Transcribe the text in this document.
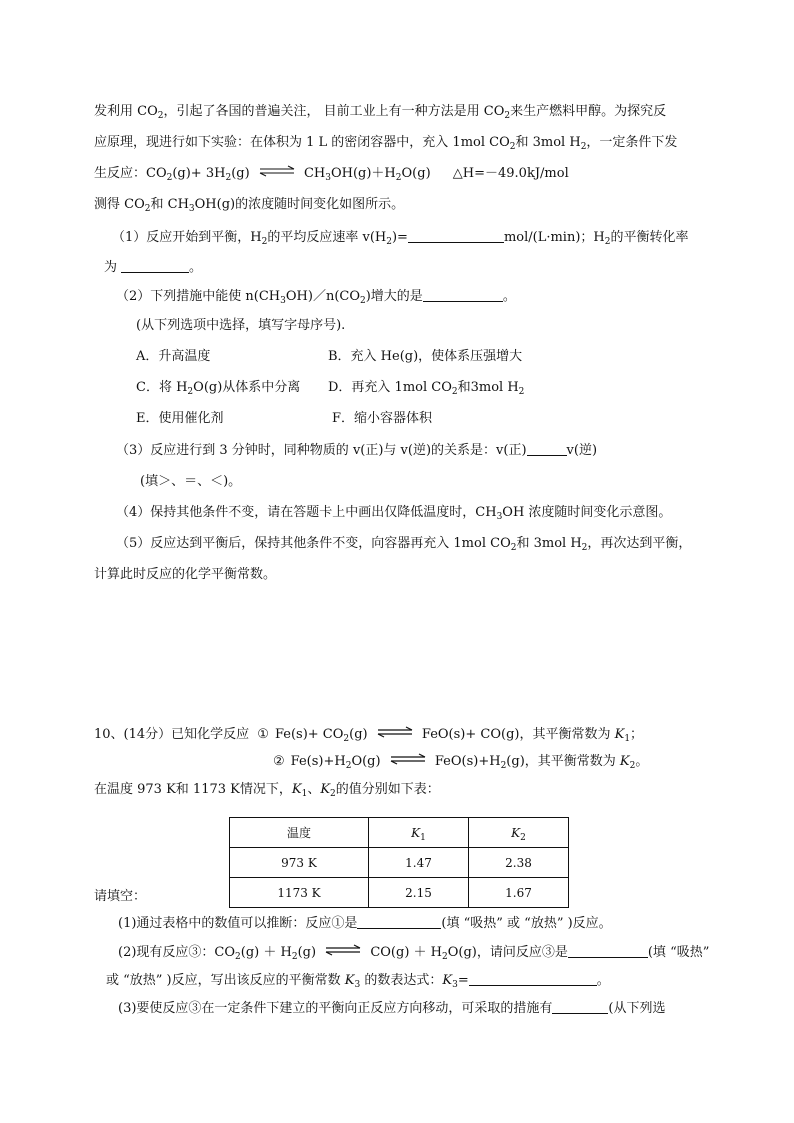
发利用 $CO_2$，引起了各国的普遍关注， 目前工业上有一种方法是用 $CO_2$来生产燃料甲醇。为探究反
应原理，现进行如下实验：在体积为 1 L 的密闭容器中，充入 1mol $CO_2$和 3mol $H_2$，一定条件下发
生反应：$CO_2(g)+ 3H_2(g)$ ⇌ $CH_3OH(g)+H_2O(g)$ △H=－49.0kJ/mol
测得 $CO_2$和 $CH_3OH(g)$的浓度随时间变化如图所示。
（1）反应开始到平衡，$H_2$的平均反应速率 $v(H_2)=$	mol/(L·min)；$H_2$的平衡转化率
为	。
（2）下列措施中能使 $n(CH_3OH)/n(CO_2)$增大的是	。
(从下列选项中选择，填写字母序号).
A．升高温度	B．充入 He(g)，使体系压强增大
C．将 $H_2O(g)$从体系中分离 D．再充入 1mol $CO_2$和3mol $H_2$
E．使用催化剂	F．缩小容器体积
（3）反应进行到 3 分钟时，同种物质的 v(正)与 v(逆)的关系是：v(正)	v(逆)
(填＞、＝、＜)。
（4）保持其他条件不变，请在答题卡上中画出仅降低温度时，$CH_3OH$ 浓度随时间变化示意图。
（5）反应达到平衡后，保持其他条件不变，向容器再充入 1mol $CO_2$和 3mol $H_2$，再次达到平衡，
计算此时反应的化学平衡常数。
10、(14分）已知化学反应 ① $Fe(s)+ CO_2(g)$ ⇌ FeO(s)+ CO(g)，其平衡常数为 $K_1$；
② $Fe(s)+H_2O(g)$ ⇌ $FeO(s)+H_2(g)$，其平衡常数为 $K_2$。
在温度 973 K和 1173 K情况下，$K_1$、$K_2$的值分别如下表：
温度	$K_1$	$K_2$
973 K	1.47	2.38
1173 K	2.15	1.67
请填空：
(1)通过表格中的数值可以推断：反应①是	(填 “吸热” 或 “放热” )反应。
(2)现有反应③：$CO_2(g) + H_2(g)$ ⇌ $CO(g) + H_2O(g)$，请问反应③是	(填 “吸热”
或 “放热” )反应，写出该反应的平衡常数 $K_3$ 的数表达式：$K_3=$	。
(3)要使反应③在一定条件下建立的平衡向正反应方向移动，可采取的措施有	(从下列选
